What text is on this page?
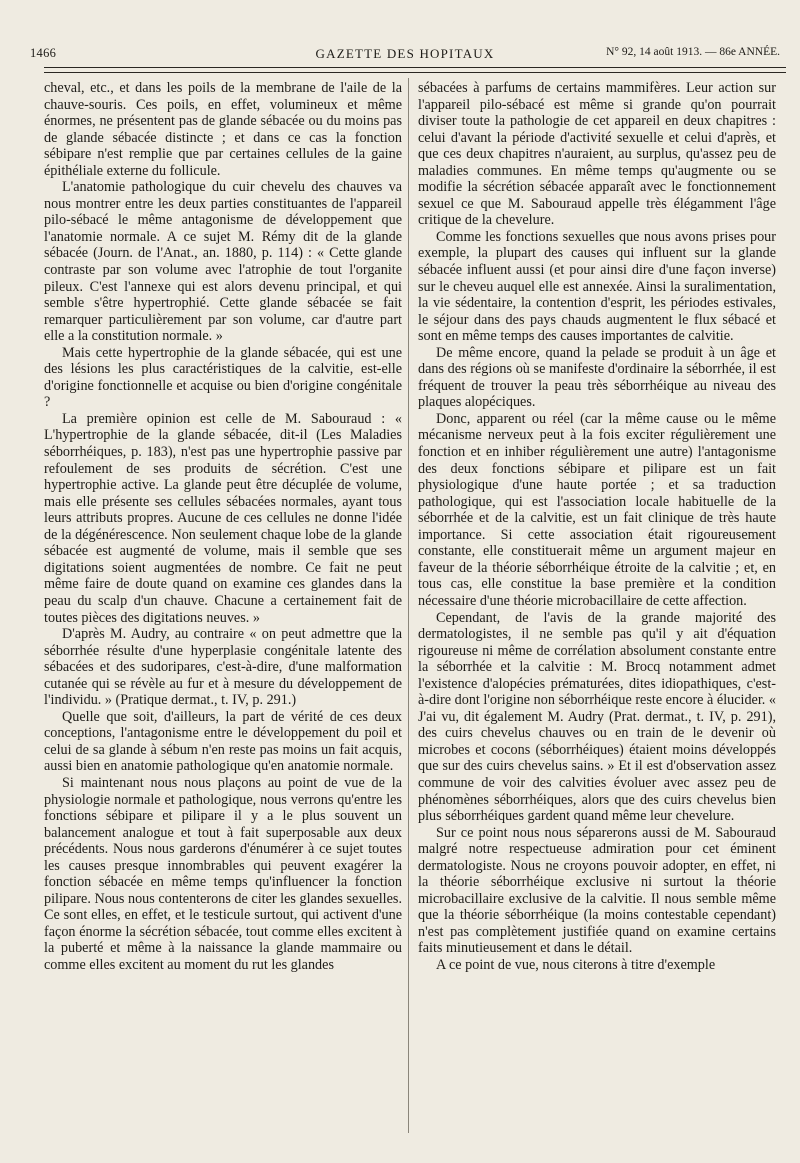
1466	GAZETTE DES HOPITAUX	N° 92, 14 août 1913. — 86e ANNÉE.

cheval, etc., et dans les poils de la membrane de l'aile de la chauve-souris. Ces poils, en effet, volumineux et même énormes, ne présentent pas de glande sébacée ou du moins pas de glande sébacée distincte ; et dans ce cas la fonction sébipare n'est remplie que par certaines cellules de la gaine épithéliale externe du follicule.

L'anatomie pathologique du cuir chevelu des chauves va nous montrer entre les deux parties constituantes de l'appareil pilo-sébacé le même antagonisme de développement que l'anatomie normale. A ce sujet M. Rémy dit de la glande sébacée (Journ. de l'Anat., an. 1880, p. 114) : « Cette glande contraste par son volume avec l'atrophie de tout l'organite pileux. C'est l'annexe qui est alors devenu principal, et qui semble s'être hypertrophié. Cette glande sébacée se fait remarquer particulièrement par son volume, car d'autre part elle a la constitution normale. »

Mais cette hypertrophie de la glande sébacée, qui est une des lésions les plus caractéristiques de la calvitie, est-elle d'origine fonctionnelle et acquise ou bien d'origine congénitale ?

La première opinion est celle de M. Sabouraud : « L'hypertrophie de la glande sébacée, dit-il (Les Maladies séborrhéiques, p. 183), n'est pas une hypertrophie passive par refoulement de ses produits de sécrétion. C'est une hypertrophie active. La glande peut être décuplée de volume, mais elle présente ses cellules sébacées normales, ayant tous leurs attributs propres. Aucune de ces cellules ne donne l'idée de la dégénérescence. Non seulement chaque lobe de la glande sébacée est augmenté de volume, mais il semble que ses digitations soient augmentées de nombre. Ce fait ne peut même faire de doute quand on examine ces glandes dans la peau du scalp d'un chauve. Chacune a certainement fait de toutes pièces des digitations neuves. »

D'après M. Audry, au contraire « on peut admettre que la séborrhée résulte d'une hyperplasie congénitale latente des sébacées et des sudoripares, c'est-à-dire, d'une malformation cutanée qui se révèle au fur et à mesure du développement de l'individu. » (Pratique dermat., t. IV, p. 291.)

Quelle que soit, d'ailleurs, la part de vérité de ces deux conceptions, l'antagonisme entre le développement du poil et celui de sa glande à sébum n'en reste pas moins un fait acquis, aussi bien en anatomie pathologique qu'en anatomie normale.

Si maintenant nous nous plaçons au point de vue de la physiologie normale et pathologique, nous verrons qu'entre les fonctions sébipare et pilipare il y a le plus souvent un balancement analogue et tout à fait superposable aux deux précédents. Nous nous garderons d'énumérer à ce sujet toutes les causes presque innombrables qui peuvent exagérer la fonction sébacée en même temps qu'influencer la fonction pilipare. Nous nous contenterons de citer les glandes sexuelles. Ce sont elles, en effet, et le testicule surtout, qui activent d'une façon énorme la sécrétion sébacée, tout comme elles excitent à la puberté et même à la naissance la glande mammaire ou comme elles excitent au moment du rut les glandes

sébacées à parfums de certains mammifères. Leur action sur l'appareil pilo-sébacé est même si grande qu'on pourrait diviser toute la pathologie de cet appareil en deux chapitres : celui d'avant la période d'activité sexuelle et celui d'après, et que ces deux chapitres n'auraient, au surplus, qu'assez peu de maladies communes. En même temps qu'augmente ou se modifie la sécrétion sébacée apparaît avec le fonctionnement sexuel ce que M. Sabouraud appelle très élégamment l'âge critique de la chevelure.

Comme les fonctions sexuelles que nous avons prises pour exemple, la plupart des causes qui influent sur la glande sébacée influent aussi (et pour ainsi dire d'une façon inverse) sur le cheveu auquel elle est annexée. Ainsi la suralimentation, la vie sédentaire, la contention d'esprit, les périodes estivales, le séjour dans des pays chauds augmentent le flux sébacé et sont en même temps des causes importantes de calvitie.

De même encore, quand la pelade se produit à un âge et dans des régions où se manifeste d'ordinaire la séborrhée, il est fréquent de trouver la peau très séborrhéique au niveau des plaques alopéciques.

Donc, apparent ou réel (car la même cause ou le même mécanisme nerveux peut à la fois exciter régulièrement une fonction et en inhiber régulièrement une autre) l'antagonisme des deux fonctions sébipare et pilipare est un fait physiologique d'une haute portée ; et sa traduction pathologique, qui est l'association locale habituelle de la séborrhée et de la calvitie, est un fait clinique de très haute importance. Si cette association était rigoureusement constante, elle constituerait même un argument majeur en faveur de la théorie séborrhéique étroite de la calvitie ; et, en tous cas, elle constitue la base première et la condition nécessaire d'une théorie microbacillaire de cette affection.

Cependant, de l'avis de la grande majorité des dermatologistes, il ne semble pas qu'il y ait d'équation rigoureuse ni même de corrélation absolument constante entre la séborrhée et la calvitie : M. Brocq notamment admet l'existence d'alopécies prématurées, dites idiopathiques, c'est-à-dire dont l'origine non séborrhéique reste encore à élucider. « J'ai vu, dit également M. Audry (Prat. dermat., t. IV, p. 291), des cuirs chevelus chauves ou en train de le devenir où microbes et cocons (séborrhéiques) étaient moins développés que sur des cuirs chevelus sains. » Et il est d'observation assez commune de voir des calvities évoluer avec assez peu de phénomènes séborrhéiques, alors que des cuirs chevelus bien plus séborrhéiques gardent quand même leur chevelure.

Sur ce point nous nous séparerons aussi de M. Sabouraud malgré notre respectueuse admiration pour cet éminent dermatologiste. Nous ne croyons pouvoir adopter, en effet, ni la théorie séborrhéique exclusive ni surtout la théorie microbacillaire exclusive de la calvitie. Il nous semble même que la théorie séborrhéique (la moins contestable cependant) n'est pas complètement justifiée quand on examine certains faits minutieusement et dans le détail.

A ce point de vue, nous citerons à titre d'exemple
